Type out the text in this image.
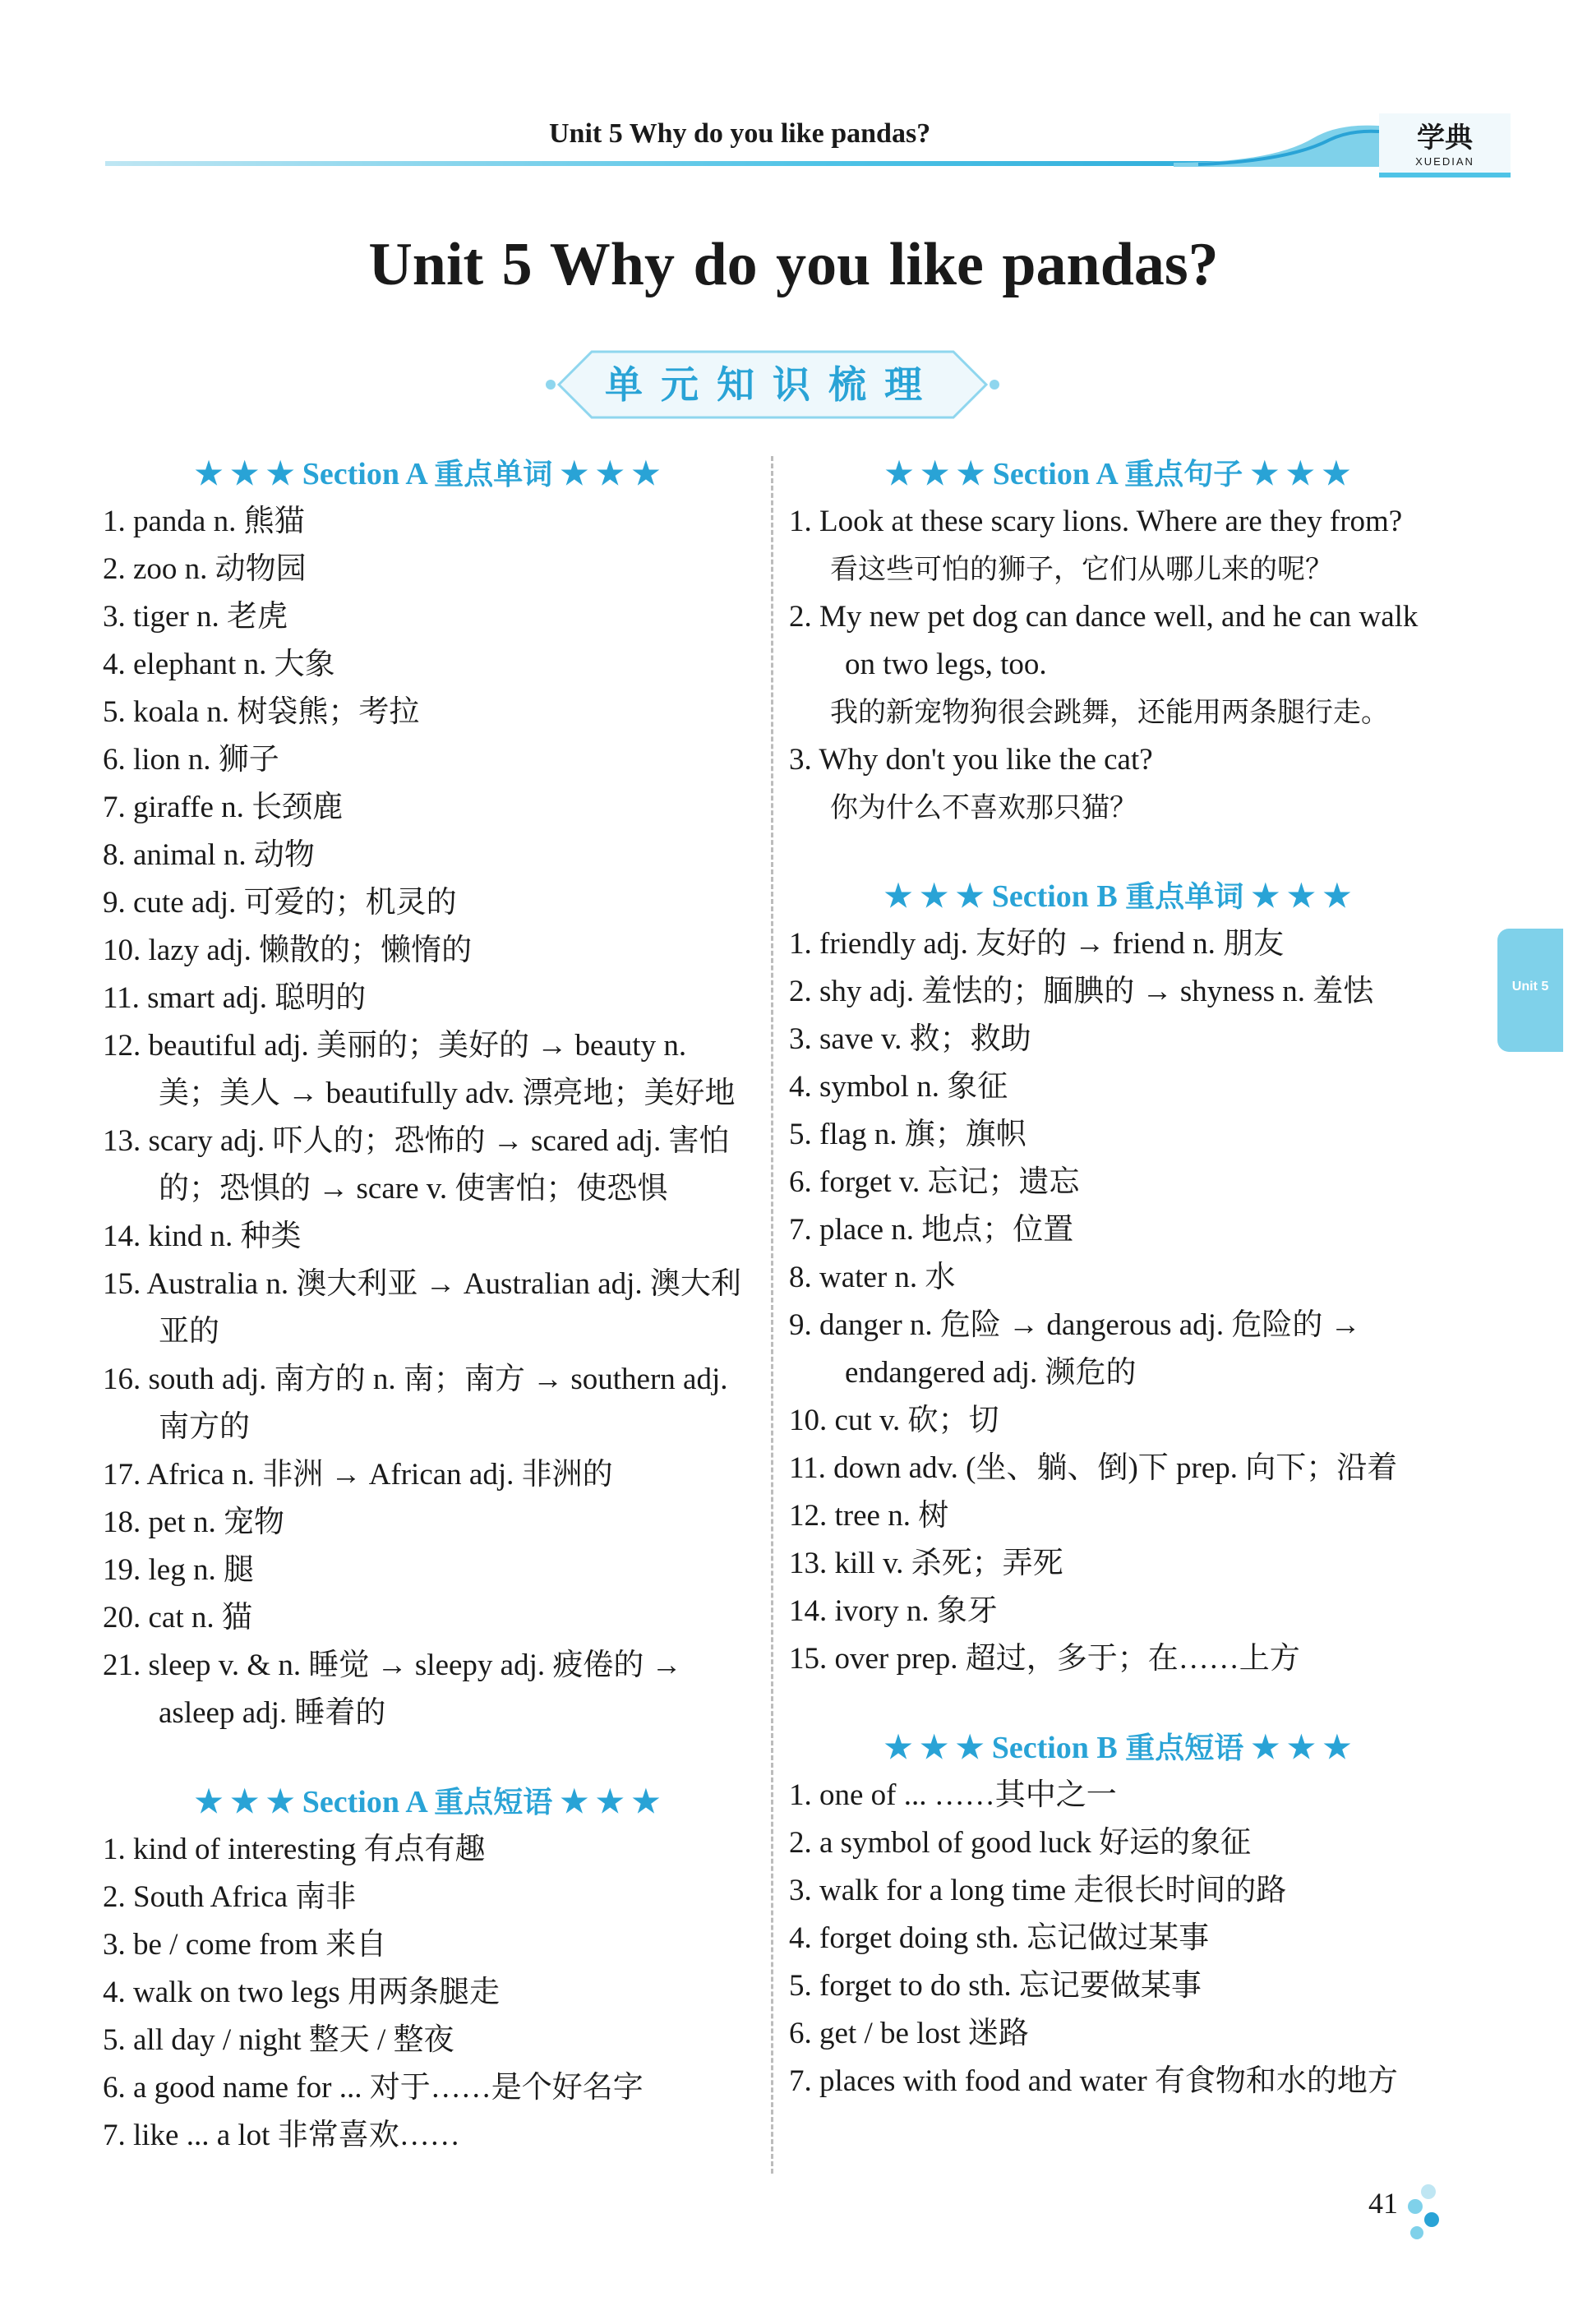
Unit 5 Why do you like pandas?	学典
XUEDIAN
Unit 5 Why do you like pandas?
单元知识梳理

★ ★ ★ Section A 重点单词 ★ ★ ★

1. panda n. 熊猫

2. zoo n. 动物园

3. tiger n. 老虎

4. elephant n. 大象

5. koala n. 树袋熊；考拉

6. lion n. 狮子

7. giraffe n. 长颈鹿

8. animal n. 动物

9. cute adj. 可爱的；机灵的

10. lazy adj. 懒散的；懒惰的

11. smart adj. 聪明的

12. beautiful adj. 美丽的；美好的 → beauty n. 美；美人 → beautifully adv. 漂亮地；美好地

13. scary adj. 吓人的；恐怖的 → scared adj. 害怕的；恐惧的 → scare v. 使害怕；使恐惧

14. kind n. 种类

15. Australia n. 澳大利亚 → Australian adj. 澳大利亚的

16. south adj. 南方的 n. 南；南方 → southern adj. 南方的

17. Africa n. 非洲 → African adj. 非洲的

18. pet n. 宠物

19. leg n. 腿

20. cat n. 猫

21. sleep v. & n. 睡觉 → sleepy adj. 疲倦的 → asleep adj. 睡着的

★ ★ ★ Section A 重点短语 ★ ★ ★

1. kind of interesting 有点有趣

2. South Africa 南非

3. be / come from 来自

4. walk on two legs 用两条腿走

5. all day / night 整天 / 整夜

6. a good name for ... 对于……是个好名字

7. like ... a lot 非常喜欢……

★ ★ ★ Section A 重点句子 ★ ★ ★

1. Look at these scary lions. Where are they from?

看这些可怕的狮子，它们从哪儿来的呢？

2. My new pet dog can dance well, and he can walk on two legs, too.

我的新宠物狗很会跳舞，还能用两条腿行走。

3. Why don't you like the cat?

你为什么不喜欢那只猫？

★ ★ ★ Section B 重点单词 ★ ★ ★

1. friendly adj. 友好的 → friend n. 朋友

2. shy adj. 羞怯的；腼腆的 → shyness n. 羞怯

3. save v. 救；救助

4. symbol n. 象征

5. flag n. 旗；旗帜

6. forget v. 忘记；遗忘

7. place n. 地点；位置

8. water n. 水

9. danger n. 危险 → dangerous adj. 危险的 → endangered adj. 濒危的

10. cut v. 砍；切

11. down adv. (坐、躺、倒)下 prep. 向下；沿着

12. tree n. 树

13. kill v. 杀死；弄死

14. ivory n. 象牙

15. over prep. 超过，多于；在……上方

★ ★ ★ Section B 重点短语 ★ ★ ★

1. one of ... ……其中之一

2. a symbol of good luck 好运的象征

3. walk for a long time 走很长时间的路

4. forget doing sth. 忘记做过某事

5. forget to do sth. 忘记要做某事

6. get / be lost 迷路

7. places with food and water 有食物和水的地方

Unit 5
41
